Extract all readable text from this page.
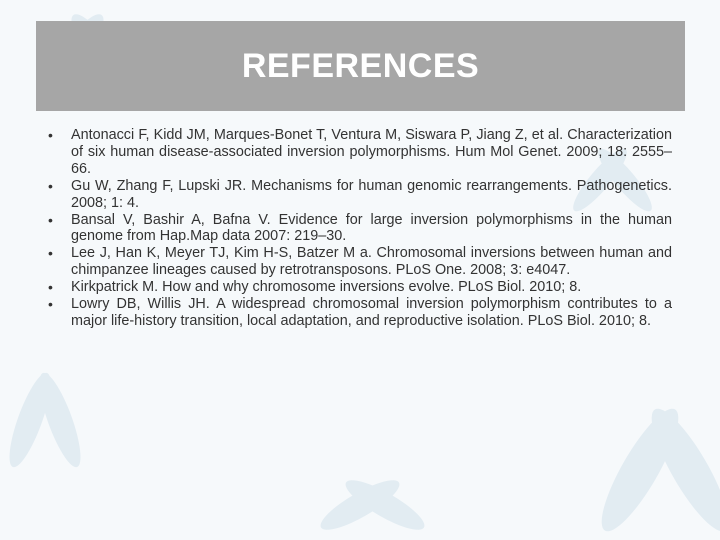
REFERENCES
• Antonacci F, Kidd JM, Marques-Bonet T, Ventura M, Siswara P, Jiang Z, et al. Characterization of six human disease-associated inversion polymorphisms. Hum Mol Genet. 2009; 18: 2555–66.
• Gu W, Zhang F, Lupski JR. Mechanisms for human genomic rearrangements. Pathogenetics. 2008; 1: 4.
• Bansal V, Bashir A, Bafna V. Evidence for large inversion polymorphisms in the human genome from Hap.Map data 2007: 219–30.
• Lee J, Han K, Meyer TJ, Kim H-S, Batzer M a. Chromosomal inversions between human and chimpanzee lineages caused by retrotransposons. PLoS One. 2008; 3: e4047.
• Kirkpatrick M. How and why chromosome inversions evolve. PLoS Biol. 2010; 8.
• Lowry DB, Willis JH. A widespread chromosomal inversion polymorphism contributes to a major life-history transition, local adaptation, and reproductive isolation. PLoS Biol. 2010; 8.
